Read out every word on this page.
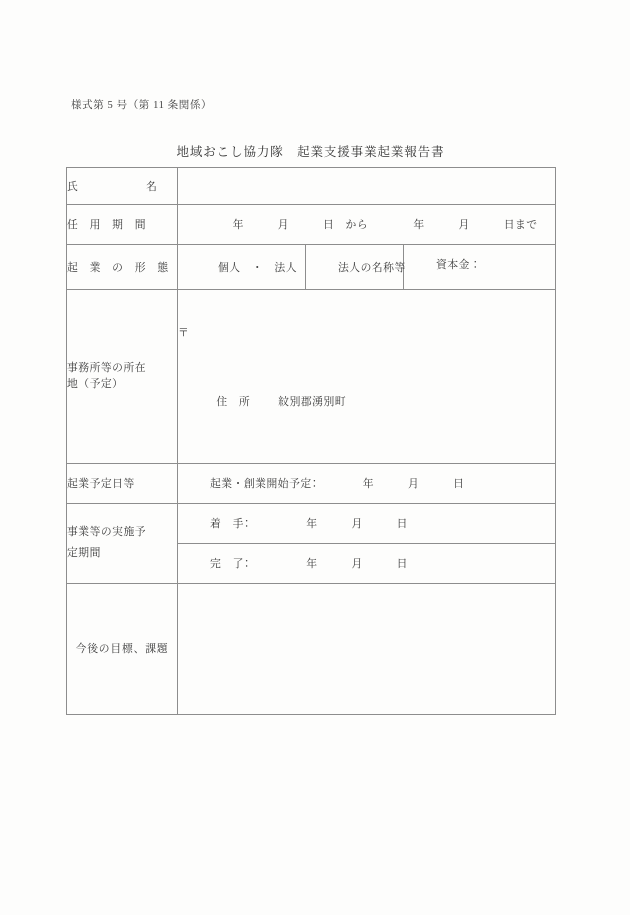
様式第 5 号（第 11 条関係）
地域おこし協力隊　起業支援事業起業報告書
氏　　　　　　名			

任　用　期　間	　　年　　　月　　　日　から　　　　年　　　月　　　日まで		

起　業　の　形　態	個人　・　法人	法人の名称等	資本金：

事務所等の所在
地（予定）

〒

住　所	紋別郡湧別町

起業予定日等	起業・創業開始予定：　　　　年　　　月　　　日		

事業等の実施予
定期間	着　手：　　　　　年　　　月　　　日		

完　了：　　　　　年　　　月　　　日		

今後の目標、課題			
